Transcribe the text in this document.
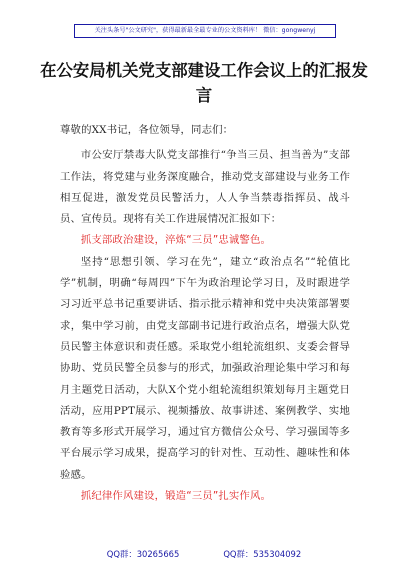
关注头条号"公文研究"，获得最新最全最专业的公文资料库！ 微信：gongwenyj
在公安局机关党支部建设工作会议上的汇报发言

尊敬的XX书记，各位领导，同志们：

市公安厅禁毒大队党支部推行“争当三员、担当善为”支部工作法，将党建与业务深度融合，推动党支部建设与业务工作相互促进，激发党员民警活力，人人争当禁毒指挥员、战斗员、宣传员。现将有关工作进展情况汇报如下：

抓支部政治建设，淬炼“三员”忠诚警色。

坚持“思想引领、学习在先”，建立“政治点名”“轮值比学”机制，明确“每周四”下午为政治理论学习日，及时跟进学习习近平总书记重要讲话、指示批示精神和党中央决策部署要求，集中学习前，由党支部副书记进行政治点名，增强大队党员民警主体意识和责任感。采取党小组轮流组织、支委会督导协助、党员民警全员参与的形式，加强政治理论集中学习和每月主题党日活动，大队X个党小组轮流组织策划每月主题党日活动，应用PPT展示、视频播放、故事讲述、案例教学、实地教育等多形式开展学习，通过官方微信公众号、学习强国等多平台展示学习成果，提高学习的针对性、互动性、趣味性和体验感。

抓纪律作风建设，锻造“三员”扎实作风。

QQ群：30265665	QQ群：535304092
